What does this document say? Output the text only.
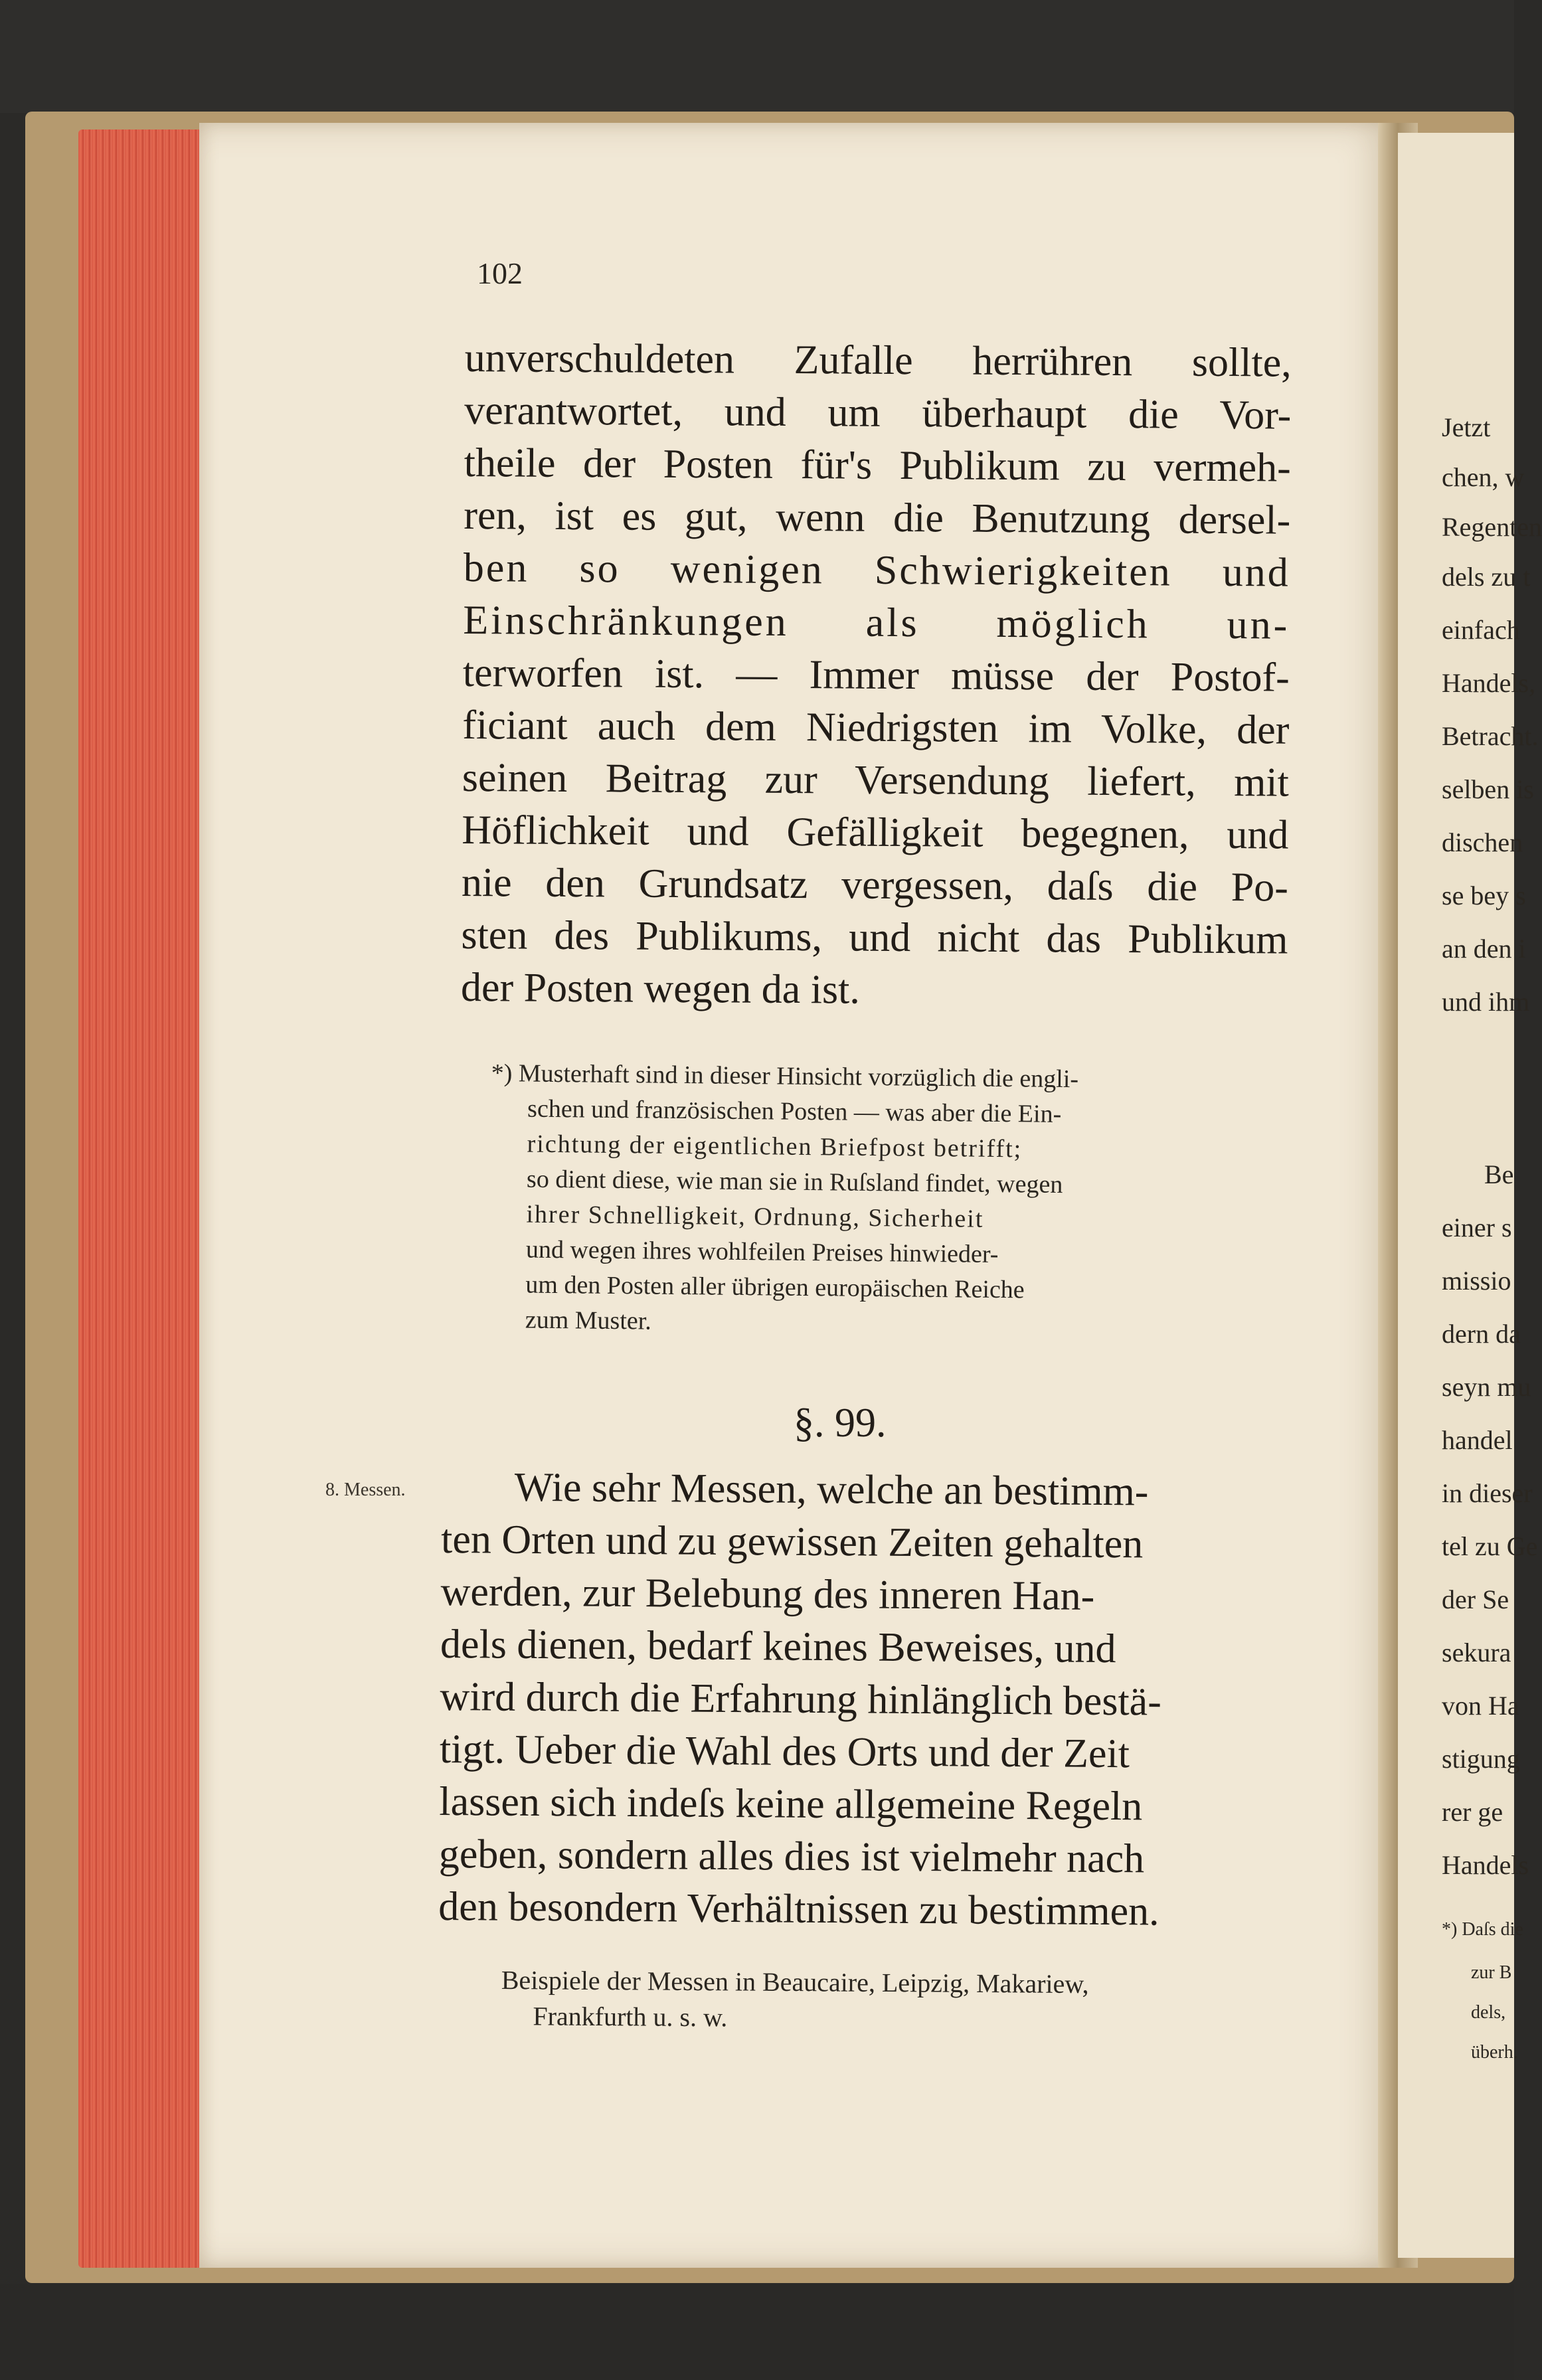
Jetzt
chen, w
Regenten
dels zu t
einfach
Handels,
Betracht.
selben is
dischen
se bey s
an den i
und ihm
Be
einer s
missio
dern da
seyn mu
handel
in dieser
tel zu Ge
der Se
sekura
von Ha
stigung
rer ge
Handels
*) Daſs die
zur B
dels,
überh.
102
unverschuldeten Zufalle herrühren sollte,
verantwortet, und um überhaupt die Vor-
theile der Posten für's Publikum zu vermeh-
ren, ist es gut, wenn die Benutzung dersel-
ben so wenigen Schwierigkeiten und
Einschränkungen als möglich un-
terworfen ist. — Immer müsse der Postof-
ficiant auch dem Niedrigsten im Volke, der
seinen Beitrag zur Versendung liefert, mit
Höflichkeit und Gefälligkeit begegnen, und
nie den Grundsatz vergessen, daſs die Po-
sten des Publikums, und nicht das Publikum
der Posten wegen da ist.
*) Musterhaft sind in dieser Hinsicht vorzüglich die engli-
schen und französischen Posten — was aber die Ein-
richtung der eigentlichen Briefpost betrifft;
so dient diese, wie man sie in Ruſsland findet, wegen
ihrer Schnelligkeit, Ordnung, Sicherheit
und wegen ihres wohlfeilen Preises hinwieder-
um den Posten aller übrigen europäischen Reiche
zum Muster.
§. 99.
8. Messen.	Wie sehr Messen, welche an bestimm-
ten Orten und zu gewissen Zeiten gehalten
werden, zur Belebung des inneren Han-
dels dienen, bedarf keines Beweises, und
wird durch die Erfahrung hinlänglich bestä-
tigt. Ueber die Wahl des Orts und der Zeit
lassen sich indeſs keine allgemeine Regeln
geben, sondern alles dies ist vielmehr nach
den besondern Verhältnissen zu bestimmen.
Beispiele der Messen in Beaucaire, Leipzig, Makariew,
Frankfurth u. s. w.
